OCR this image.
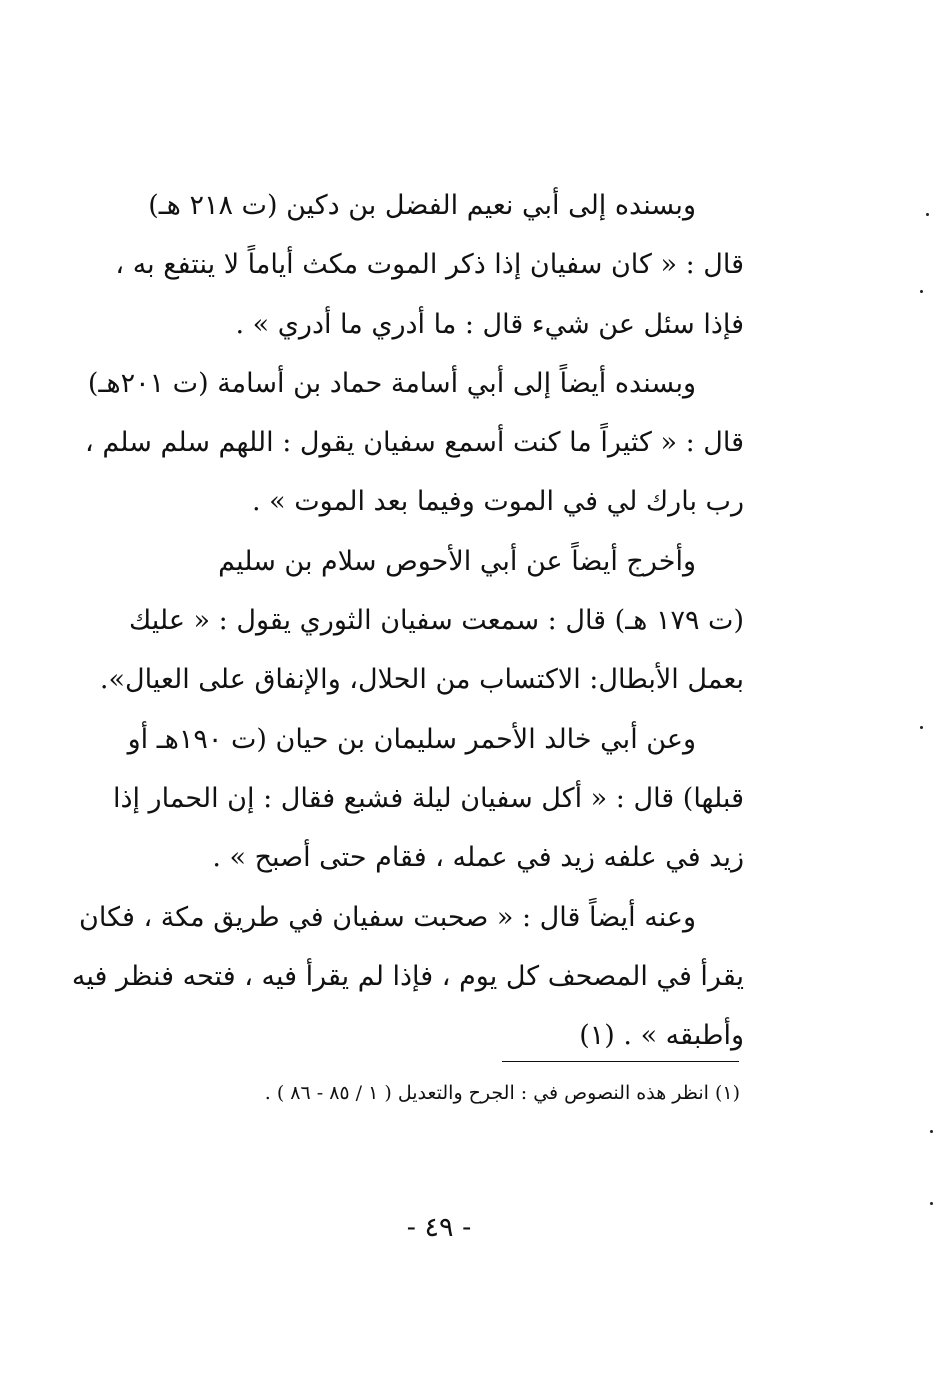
وبسنده إلى أبي نعيم الفضل بن دكين (ت ٢١٨ هـ)
قال : « كان سفيان إذا ذكر الموت مكث أياماً لا ينتفع به ،
فإذا سئل عن شيء قال : ما أدري ما أدري » .
وبسنده أيضاً إلى أبي أسامة حماد بن أسامة (ت ٢٠١هـ)
قال : « كثيراً ما كنت أسمع سفيان يقول : اللهم سلم سلم ،
رب بارك لي في الموت وفيما بعد الموت » .
وأخرج أيضاً عن أبي الأحوص سلام بن سليم
(ت ١٧٩ هـ) قال : سمعت سفيان الثوري يقول : « عليك
بعمل الأبطال: الاكتساب من الحلال، والإنفاق على العيال».
وعن أبي خالد الأحمر سليمان بن حيان (ت ١٩٠هـ أو
قبلها) قال : « أكل سفيان ليلة فشبع فقال : إن الحمار إذا
زيد في علفه زيد في عمله ، فقام حتى أصبح » .
وعنه أيضاً قال : « صحبت سفيان في طريق مكة ، فكان
يقرأ في المصحف كل يوم ، فإذا لم يقرأ فيه ، فتحه فنظر فيه
وأطبقه » . (١)
(١) انظر هذه النصوص في : الجرح والتعديل ( ١ / ٨٥ - ٨٦ ) .
- ٤٩ -
